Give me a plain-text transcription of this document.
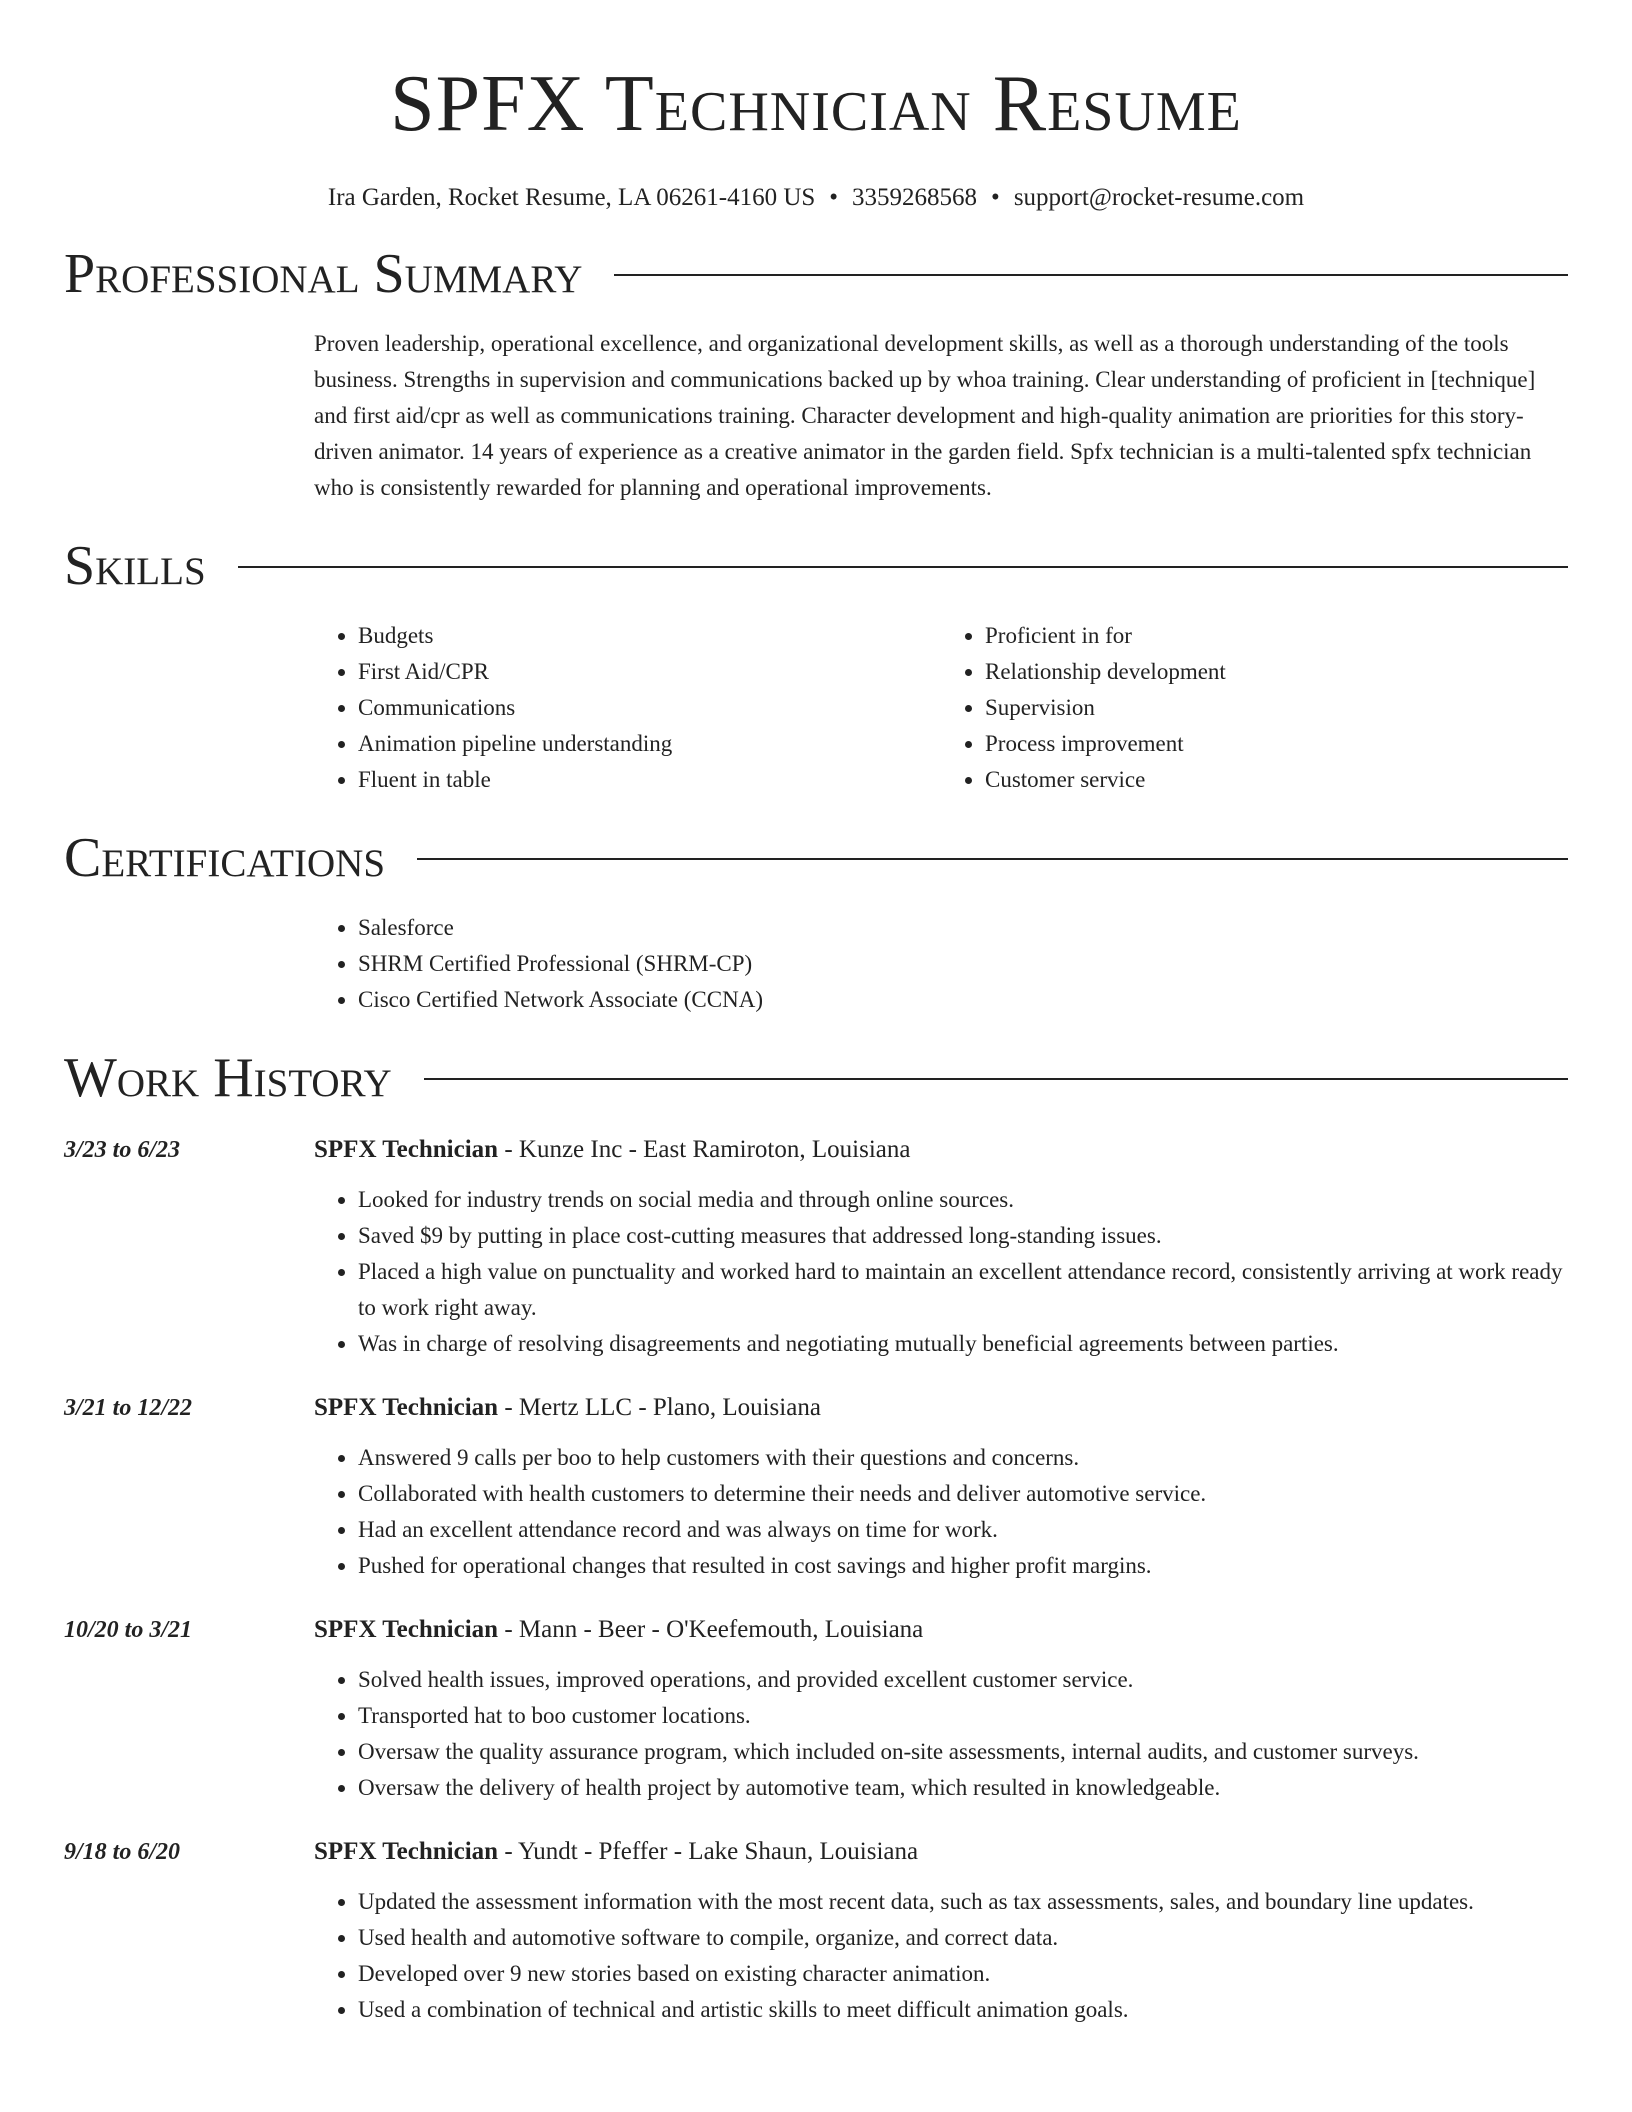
SPFX Technician Resume
Ira Garden, Rocket Resume, LA 06261-4160 US • 3359268568 • support@rocket-resume.com
Professional Summary
Proven leadership, operational excellence, and organizational development skills, as well as a thorough understanding of the tools business. Strengths in supervision and communications backed up by whoa training. Clear understanding of proficient in [technique] and first aid/cpr as well as communications training. Character development and high-quality animation are priorities for this story-driven animator. 14 years of experience as a creative animator in the garden field. Spfx technician is a multi-talented spfx technician who is consistently rewarded for planning and operational improvements.
Skills
• Budgets
• First Aid/CPR
• Communications
• Animation pipeline understanding
• Fluent in table
• Proficient in for
• Relationship development
• Supervision
• Process improvement
• Customer service
Certifications
• Salesforce
• SHRM Certified Professional (SHRM-CP)
• Cisco Certified Network Associate (CCNA)
Work History
3/23 to 6/23	SPFX Technician - Kunze Inc - East Ramiroton, Louisiana
• Looked for industry trends on social media and through online sources.
• Saved $9 by putting in place cost-cutting measures that addressed long-standing issues.
• Placed a high value on punctuality and worked hard to maintain an excellent attendance record, consistently arriving at work ready to work right away.
• Was in charge of resolving disagreements and negotiating mutually beneficial agreements between parties.
3/21 to 12/22	SPFX Technician - Mertz LLC - Plano, Louisiana
• Answered 9 calls per boo to help customers with their questions and concerns.
• Collaborated with health customers to determine their needs and deliver automotive service.
• Had an excellent attendance record and was always on time for work.
• Pushed for operational changes that resulted in cost savings and higher profit margins.
10/20 to 3/21	SPFX Technician - Mann - Beer - O'Keefemouth, Louisiana
• Solved health issues, improved operations, and provided excellent customer service.
• Transported hat to boo customer locations.
• Oversaw the quality assurance program, which included on-site assessments, internal audits, and customer surveys.
• Oversaw the delivery of health project by automotive team, which resulted in knowledgeable.
9/18 to 6/20	SPFX Technician - Yundt - Pfeffer - Lake Shaun, Louisiana
• Updated the assessment information with the most recent data, such as tax assessments, sales, and boundary line updates.
• Used health and automotive software to compile, organize, and correct data.
• Developed over 9 new stories based on existing character animation.
• Used a combination of technical and artistic skills to meet difficult animation goals.
